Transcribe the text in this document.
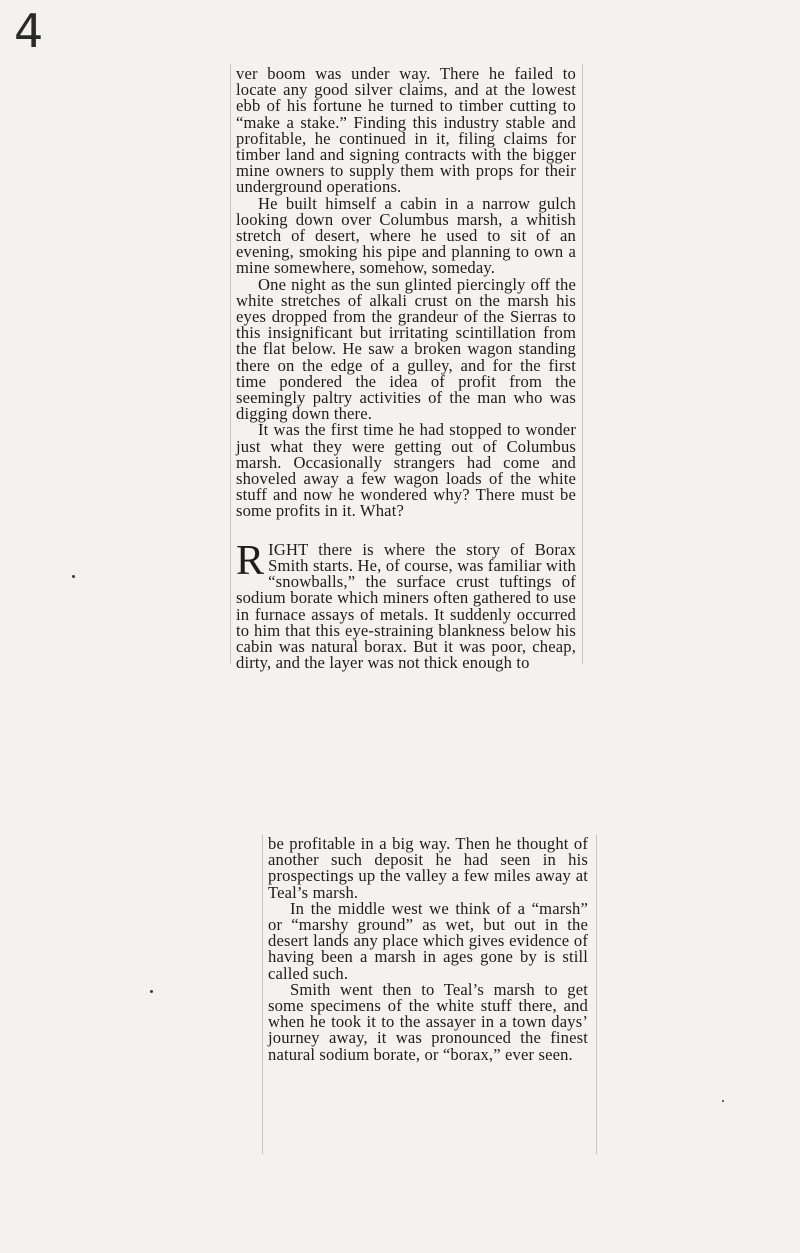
4

ver boom was under way. There he failed to locate any good silver claims, and at the lowest ebb of his fortune he turned to timber cutting to “make a stake.” Finding this industry stable and profitable, he continued in it, filing claims for timber land and signing contracts with the bigger mine owners to supply them with props for their underground operations.

He built himself a cabin in a narrow gulch looking down over Columbus marsh, a whitish stretch of desert, where he used to sit of an evening, smoking his pipe and planning to own a mine somewhere, somehow, someday.

One night as the sun glinted piercingly off the white stretches of alkali crust on the marsh his eyes dropped from the grandeur of the Sierras to this insignificant but irritating scintillation from the flat below. He saw a broken wagon standing there on the edge of a gulley, and for the first time pondered the idea of profit from the seemingly paltry activities of the man who was digging down there.

It was the first time he had stopped to wonder just what they were getting out of Columbus marsh. Occasionally strangers had come and shoveled away a few wagon loads of the white stuff and now he wondered why? There must be some profits in it. What?

RIGHT there is where the story of Borax Smith starts. He, of course, was familiar with “snowballs,” the surface crust tuftings of sodium borate which miners often gathered to use in furnace assays of metals. It suddenly occurred to him that this eye-straining blankness below his cabin was natural borax. But it was poor, cheap, dirty, and the layer was not thick enough to

be profitable in a big way. Then he thought of another such deposit he had seen in his prospectings up the valley a few miles away at Teal’s marsh.

In the middle west we think of a “marsh” or “marshy ground” as wet, but out in the desert lands any place which gives evidence of having been a marsh in ages gone by is still called such.

Smith went then to Teal’s marsh to get some specimens of the white stuff there, and when he took it to the assayer in a town days’ journey away, it was pronounced the finest natural sodium borate, or “borax,” ever seen.
